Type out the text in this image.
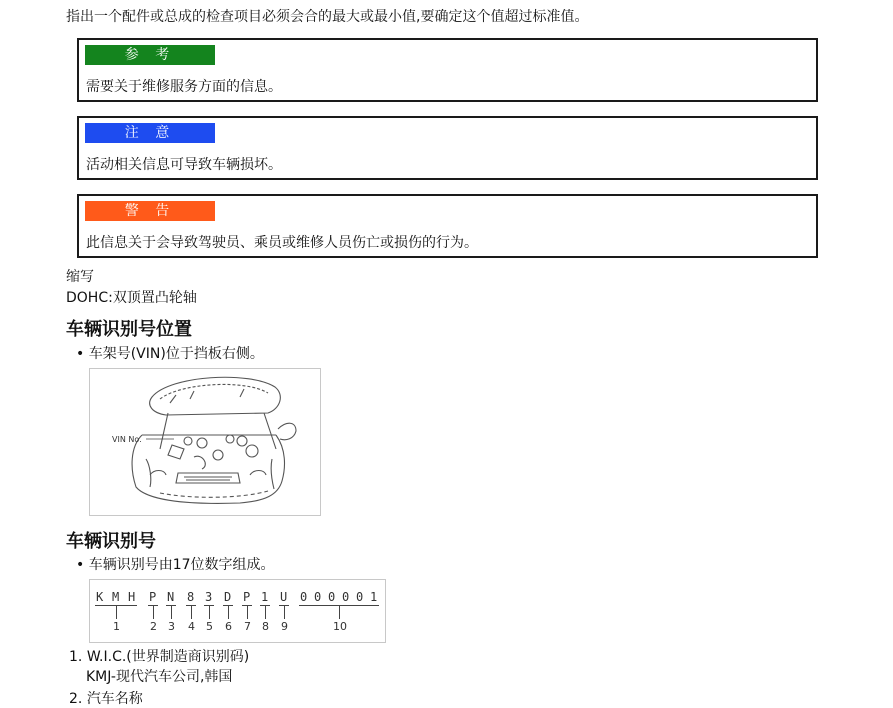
指出一个配件或总成的检查项目必须会合的最大或最小值,要确定这个值超过标准值。
参 考
需要关于维修服务方面的信息。
注 意
活动相关信息可导致车辆损坏。
警 告
此信息关于会导致驾驶员、乘员或维修人员伤亡或损伤的行为。
缩写
DOHC:双顶置凸轮轴
车辆识别号位置
• 车架号(VIN)位于挡板右侧。
VIN No.
车辆识别号
• 车辆识别号由17位数字组成。
K M H P N 8 3 D P 1 U 0 0 0 0 0 1
1	2 3 4 5 6 7 8 9	10
1. W.I.C.(世界制造商识别码)
KMJ-现代汽车公司,韩国
2. 汽车名称
